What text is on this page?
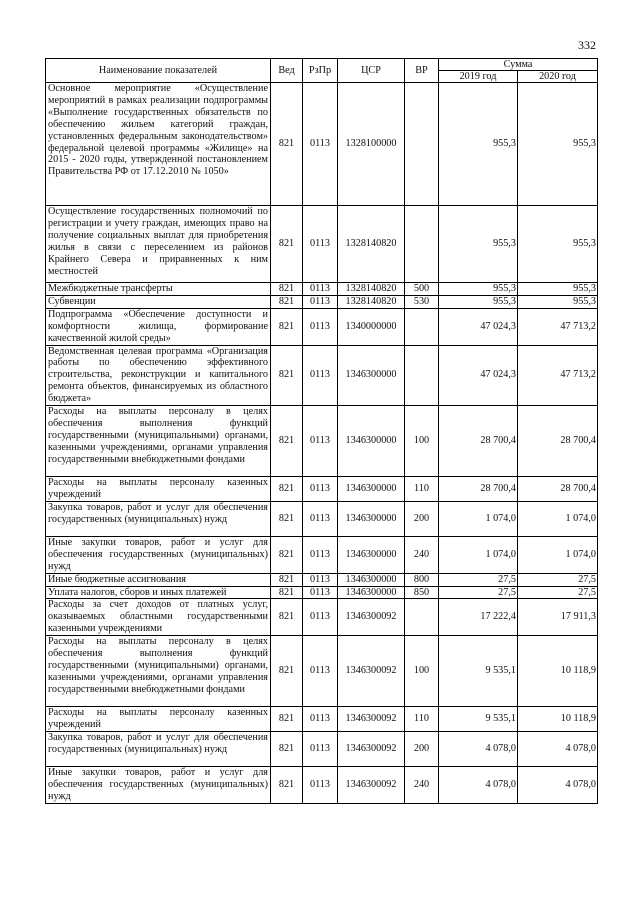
332
Наименование показателей	Вед	РзПр	ЦСР	ВР	Сумма	
					2019 год	2020 год
Основное мероприятие «Осуществление мероприятий в рамках реализации подпрограммы «Выполнение государственных обязательств по обеспечению жильем категорий граждан, установленных федеральным законодательством» федеральной целевой программы «Жилище» на 2015 - 2020 годы, утвержденной постановлением Правительства РФ от 17.12.2010 № 1050»	821	0113	1328100000		955,3	955,3
Осуществление государственных полномочий по регистрации и учету граждан, имеющих право на получение социальных выплат для приобретения жилья в связи с переселением из районов Крайнего Севера и приравненных к ним местностей	821	0113	1328140820		955,3	955,3
Межбюджетные трансферты	821	0113	1328140820	500	955,3	955,3
Субвенции	821	0113	1328140820	530	955,3	955,3
Подпрограмма «Обеспечение доступности и комфортности жилища, формирование качественной жилой среды»	821	0113	1340000000		47 024,3	47 713,2
Ведомственная целевая программа «Организация работы по обеспечению эффективного строительства, реконструкции и капитального ремонта объектов, финансируемых из областного бюджета»	821	0113	1346300000		47 024,3	47 713,2
Расходы на выплаты персоналу в целях обеспечения выполнения функций государственными (муниципальными) органами, казенными учреждениями, органами управления государственными внебюджетными фондами	821	0113	1346300000	100	28 700,4	28 700,4
Расходы на выплаты персоналу казенных учреждений	821	0113	1346300000	110	28 700,4	28 700,4
Закупка товаров, работ и услуг для обеспечения государственных (муниципальных) нужд	821	0113	1346300000	200	1 074,0	1 074,0
Иные закупки товаров, работ и услуг для обеспечения государственных (муниципальных) нужд	821	0113	1346300000	240	1 074,0	1 074,0
Иные бюджетные ассигнования	821	0113	1346300000	800	27,5	27,5
Уплата налогов, сборов и иных платежей	821	0113	1346300000	850	27,5	27,5
Расходы за счет доходов от платных услуг, оказываемых областными государственными казенными учреждениями	821	0113	1346300092		17 222,4	17 911,3
Расходы на выплаты персоналу в целях обеспечения выполнения функций государственными (муниципальными) органами, казенными учреждениями, органами управления государственными внебюджетными фондами	821	0113	1346300092	100	9 535,1	10 118,9
Расходы на выплаты персоналу казенных учреждений	821	0113	1346300092	110	9 535,1	10 118,9
Закупка товаров, работ и услуг для обеспечения государственных (муниципальных) нужд	821	0113	1346300092	200	4 078,0	4 078,0
Иные закупки товаров, работ и услуг для обеспечения государственных (муниципальных) нужд	821	0113	1346300092	240	4 078,0	4 078,0
